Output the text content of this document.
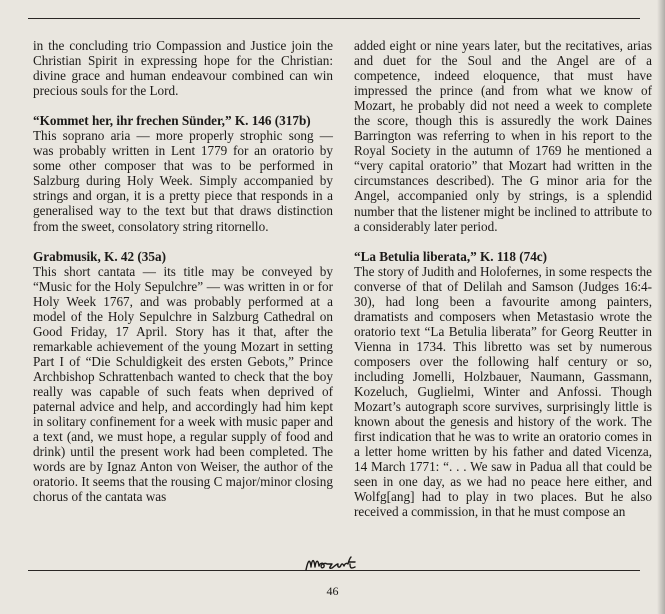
in the concluding trio Compassion and Justice join the Christian Spirit in expressing hope for the Christian: divine grace and human endeavour combined can win precious souls for the Lord.

“Kommet her, ihr frechen Sünder,” K. 146 (317b)

This soprano aria — more properly strophic song — was probably written in Lent 1779 for an oratorio by some other composer that was to be performed in Salzburg during Holy Week. Simply accompanied by strings and organ, it is a pretty piece that responds in a generalised way to the text but that draws distinction from the sweet, consolatory string ritornello.

Grabmusik, K. 42 (35a)

This short cantata — its title may be conveyed by “Music for the Holy Sepulchre” — was written in or for Holy Week 1767, and was probably performed at a model of the Holy Sepulchre in Salzburg Cathedral on Good Friday, 17 April. Story has it that, after the remarkable achievement of the young Mozart in setting Part I of “Die Schuldigkeit des ersten Gebots,” Prince Archbishop Schrattenbach wanted to check that the boy really was capable of such feats when deprived of paternal advice and help, and accordingly had him kept in solitary confinement for a week with music paper and a text (and, we must hope, a regular supply of food and drink) until the present work had been completed. The words are by Ignaz Anton von Weiser, the author of the oratorio. It seems that the rousing C major/minor closing chorus of the cantata was

added eight or nine years later, but the recitatives, arias and duet for the Soul and the Angel are of a competence, indeed eloquence, that must have impressed the prince (and from what we know of Mozart, he probably did not need a week to complete the score, though this is assuredly the work Daines Barrington was referring to when in his report to the Royal Society in the autumn of 1769 he mentioned a “very capital oratorio” that Mozart had written in the circumstances described). The G minor aria for the Angel, accompanied only by strings, is a splendid number that the listener might be inclined to attribute to a considerably later period.

“La Betulia liberata,” K. 118 (74c)

The story of Judith and Holofernes, in some respects the converse of that of Delilah and Samson (Judges 16:4-30), had long been a favourite among painters, dramatists and composers when Metastasio wrote the oratorio text “La Betulia liberata” for Georg Reutter in Vienna in 1734. This libretto was set by numerous composers over the following half century or so, including Jomelli, Holzbauer, Naumann, Gassmann, Kozeluch, Guglielmi, Winter and Anfossi. Though Mozart’s autograph score survives, surprisingly little is known about the genesis and history of the work. The first indication that he was to write an oratorio comes in a letter home written by his father and dated Vicenza, 14 March 1771: “. . . We saw in Padua all that could be seen in one day, as we had no peace here either, and Wolfg[ang] had to play in two places. But he also received a commission, in that he must compose an

46
